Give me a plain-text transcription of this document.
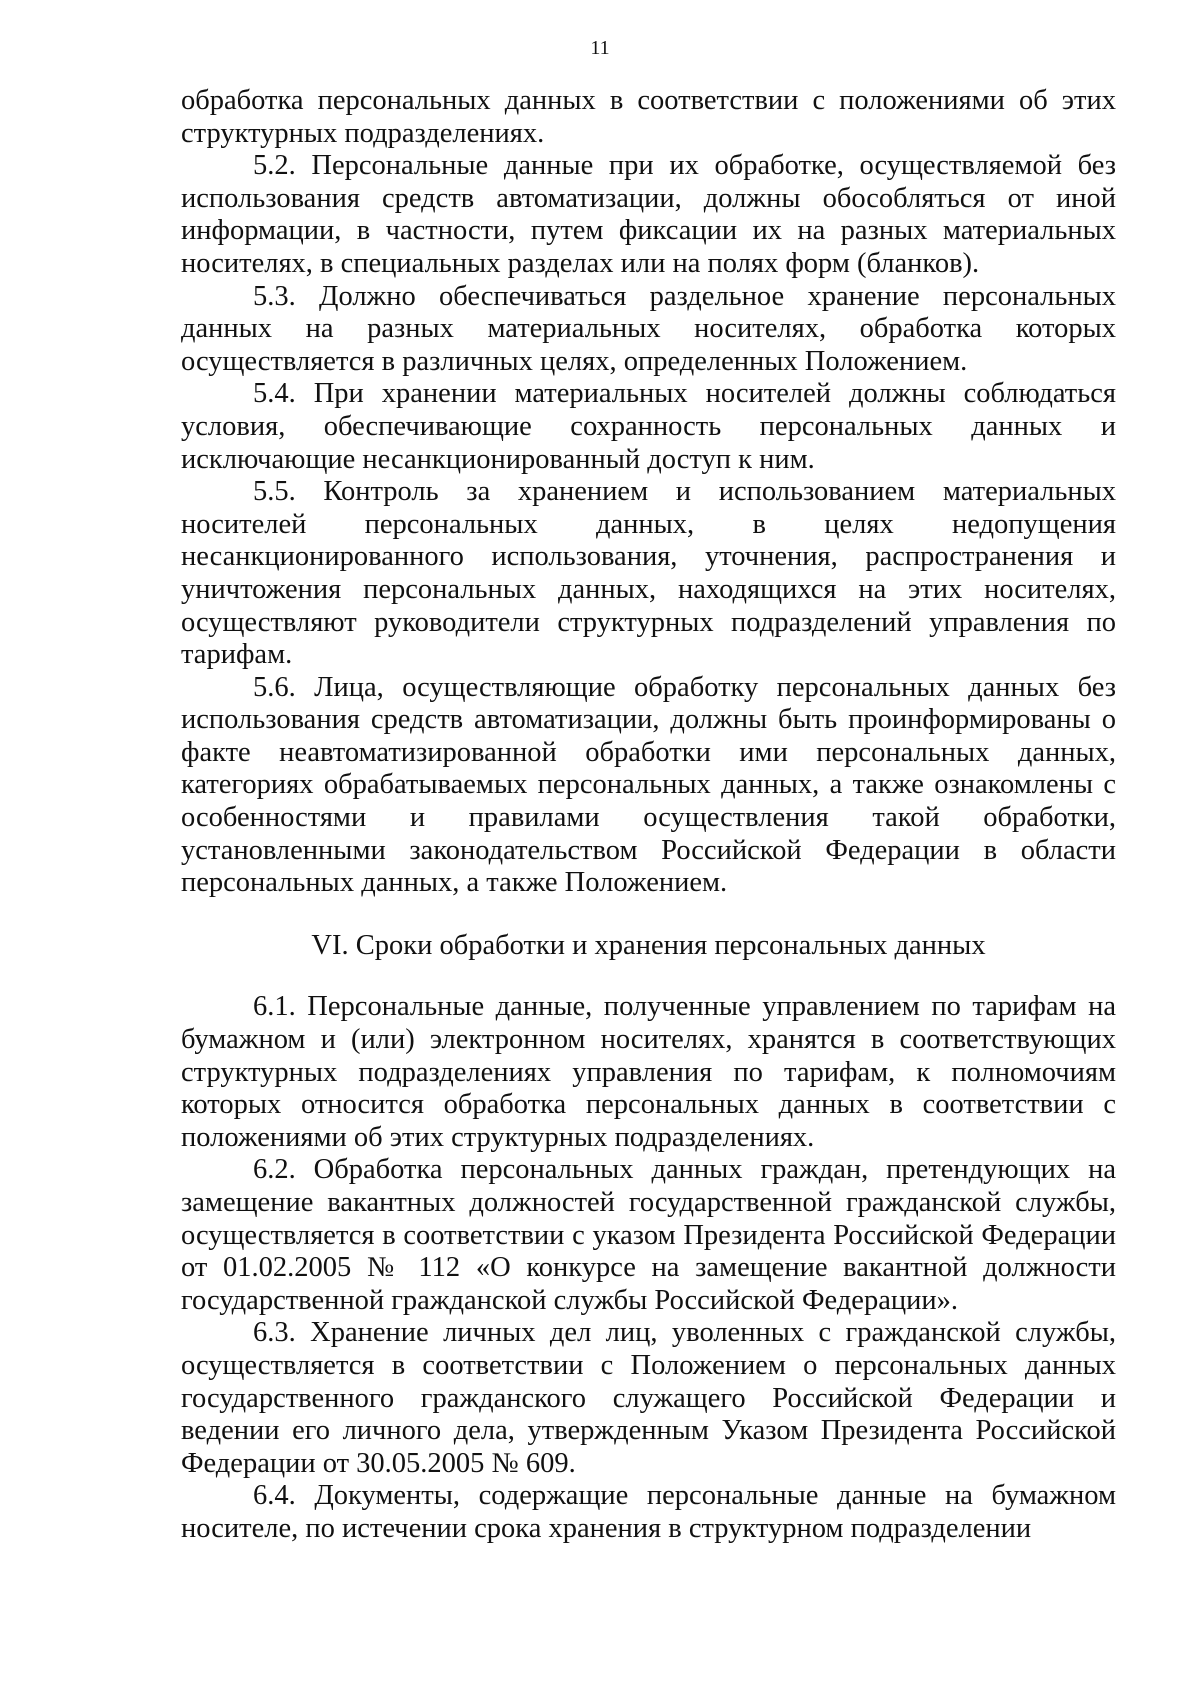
11

обработка персональных данных в соответствии с положениями об этих структурных подразделениях.

5.2. Персональные данные при их обработке, осуществляемой без использования средств автоматизации, должны обособляться от иной информации, в частности, путем фиксации их на разных материальных носителях, в специальных разделах или на полях форм (бланков).

5.3. Должно обеспечиваться раздельное хранение персональных данных на разных материальных носителях, обработка которых осуществляется в различных целях, определенных Положением.

5.4. При хранении материальных носителей должны соблюдаться условия, обеспечивающие сохранность персональных данных и исключающие несанкционированный доступ к ним.

5.5. Контроль за хранением и использованием материальных носителей персональных данных, в целях недопущения несанкционированного использования, уточнения, распространения и уничтожения персональных данных, находящихся на этих носителях, осуществляют руководители структурных подразделений управления по тарифам.

5.6. Лица, осуществляющие обработку персональных данных без использования средств автоматизации, должны быть проинформированы о факте неавтоматизированной обработки ими персональных данных, категориях обрабатываемых персональных данных, а также ознакомлены с особенностями и правилами осуществления такой обработки, установленными законодательством Российской Федерации в области персональных данных, а также Положением.

VI. Сроки обработки и хранения персональных данных

6.1. Персональные данные, полученные управлением по тарифам на бумажном и (или) электронном носителях, хранятся в соответствующих структурных подразделениях управления по тарифам, к полномочиям которых относится обработка персональных данных в соответствии с положениями об этих структурных подразделениях.

6.2. Обработка персональных данных граждан, претендующих на замещение вакантных должностей государственной гражданской службы, осуществляется в соответствии с указом Президента Российской Федерации от 01.02.2005 № 112 «О конкурсе на замещение вакантной должности государственной гражданской службы Российской Федерации».

6.3. Хранение личных дел лиц, уволенных с гражданской службы, осуществляется в соответствии с Положением о персональных данных государственного гражданского служащего Российской Федерации и ведении его личного дела, утвержденным Указом Президента Российской Федерации от 30.05.2005 № 609.

6.4. Документы, содержащие персональные данные на бумажном носителе, по истечении срока хранения в структурном подразделении
